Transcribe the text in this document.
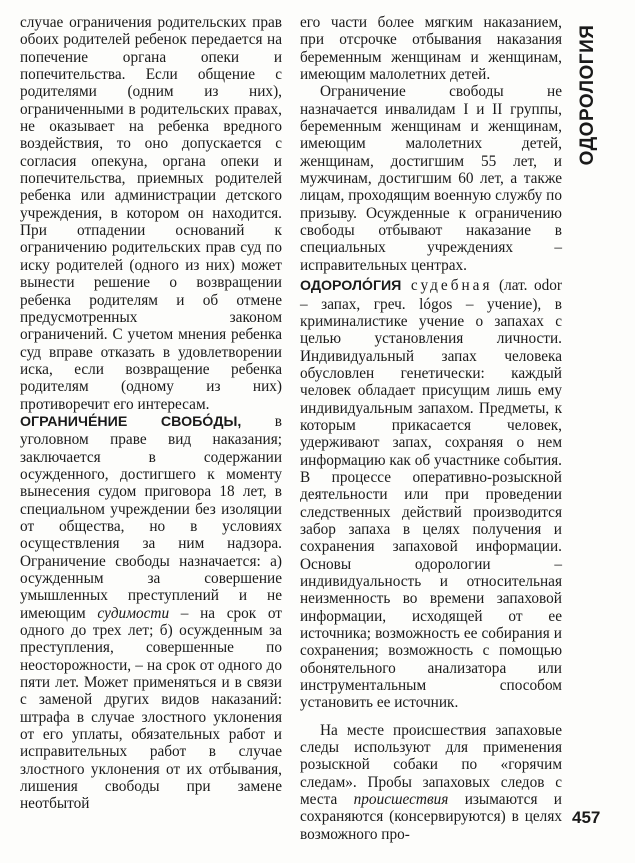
случае ограничения родительских прав обоих родителей ребенок передается на попечение органа опеки и попечительства. Если общение с родителями (одним из них), ограниченными в родительских правах, не оказывает на ребенка вредного воздействия, то оно допускается с согласия опекуна, органа опеки и попечительства, приемных родителей ребенка или администрации детского учреждения, в котором он находится. При отпадении оснований к ограничению родительских прав суд по иску родителей (одного из них) может вынести решение о возвращении ребенка родителям и об отмене предусмотренных законом ограничений. С учетом мнения ребенка суд вправе отказать в удовлетворении иска, если возвращение ребенка родителям (одному из них) противоречит его интересам.

ОГРАНИЧЕ́НИЕ СВОБО́ДЫ, в уголовном праве вид наказания; заключается в содержании осужденного, достигшего к моменту вынесения судом приговора 18 лет, в специальном учреждении без изоляции от общества, но в условиях осуществления за ним надзора. Ограничение свободы назначается: а) осужденным за совершение умышленных преступлений и не имеющим судимости – на срок от одного до трех лет; б) осужденным за преступления, совершенные по неосторожности, – на срок от одного до пяти лет. Может применяться и в связи с заменой других видов наказаний: штрафа в случае злостного уклонения от его уплаты, обязательных работ и исправительных работ в случае злостного уклонения от их отбывания, лишения свободы при замене неотбытой

его части более мягким наказанием, при отсрочке отбывания наказания беременным женщинам и женщинам, имеющим малолетних детей.

Ограничение свободы не назначается инвалидам I и II группы, беременным женщинам и женщинам, имеющим малолетних детей, женщинам, достигшим 55 лет, и мужчинам, достигшим 60 лет, а также лицам, проходящим военную службу по призыву. Осужденные к ограничению свободы отбывают наказание в специальных учреждениях – исправительных центрах.

ОДОРОЛО́ГИЯ судебная (лат. odor – запах, греч. lógos – учение), в криминалистике учение о запахах с целью установления личности. Индивидуальный запах человека обусловлен генетически: каждый человек обладает присущим лишь ему индивидуальным запахом. Предметы, к которым прикасается человек, удерживают запах, сохраняя о нем информацию как об участнике события. В процессе оперативно-розыскной деятельности или при проведении следственных действий производится забор запаха в целях получения и сохранения запаховой информации. Основы одорологии – индивидуальность и относительная неизменность во времени запаховой информации, исходящей от ее источника; возможность ее собирания и сохранения; возможность с помощью обонятельного анализатора или инструментальным способом установить ее источник.

На месте происшествия запаховые следы используют для применения розыскной собаки по «горячим следам». Пробы запаховых следов с места происшествия изымаются и сохраняются (консервируются) в целях возможного про-

ОДОРОЛОГИЯ
457
